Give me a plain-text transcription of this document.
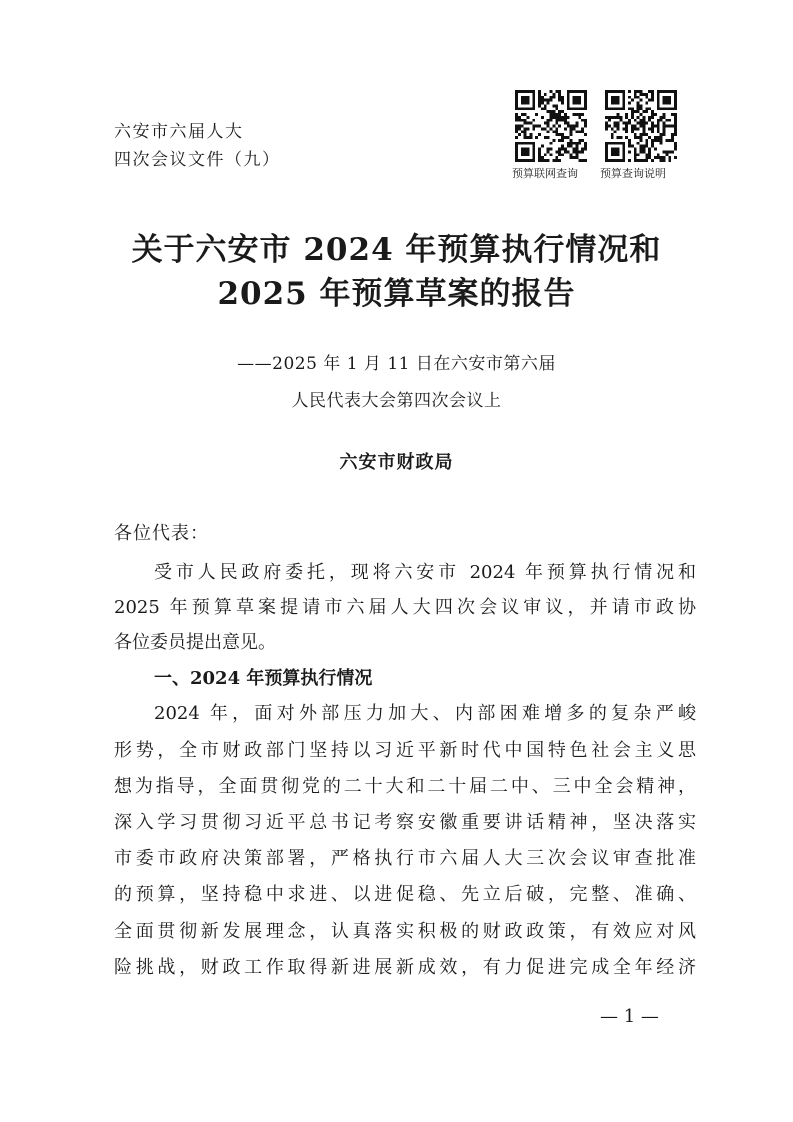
六安市六届人大
四次会议文件（九）
预算联网查询 预算查询说明
关于六安市 2024 年预算执行情况和
2025 年预算草案的报告
——2025 年 1 月 11 日在六安市第六届
人民代表大会第四次会议上
六安市财政局
各位代表：
受市人民政府委托，现将六安市 2024 年预算执行情况和
2025 年预算草案提请市六届人大四次会议审议，并请市政协
各位委员提出意见。
一、2024 年预算执行情况
2024 年，面对外部压力加大、内部困难增多的复杂严峻
形势，全市财政部门坚持以习近平新时代中国特色社会主义思
想为指导，全面贯彻党的二十大和二十届二中、三中全会精神，
深入学习贯彻习近平总书记考察安徽重要讲话精神，坚决落实
市委市政府决策部署，严格执行市六届人大三次会议审查批准
的预算，坚持稳中求进、以进促稳、先立后破，完整、准确、
全面贯彻新发展理念，认真落实积极的财政政策，有效应对风
险挑战，财政工作取得新进展新成效，有力促进完成全年经济
— 1 —
